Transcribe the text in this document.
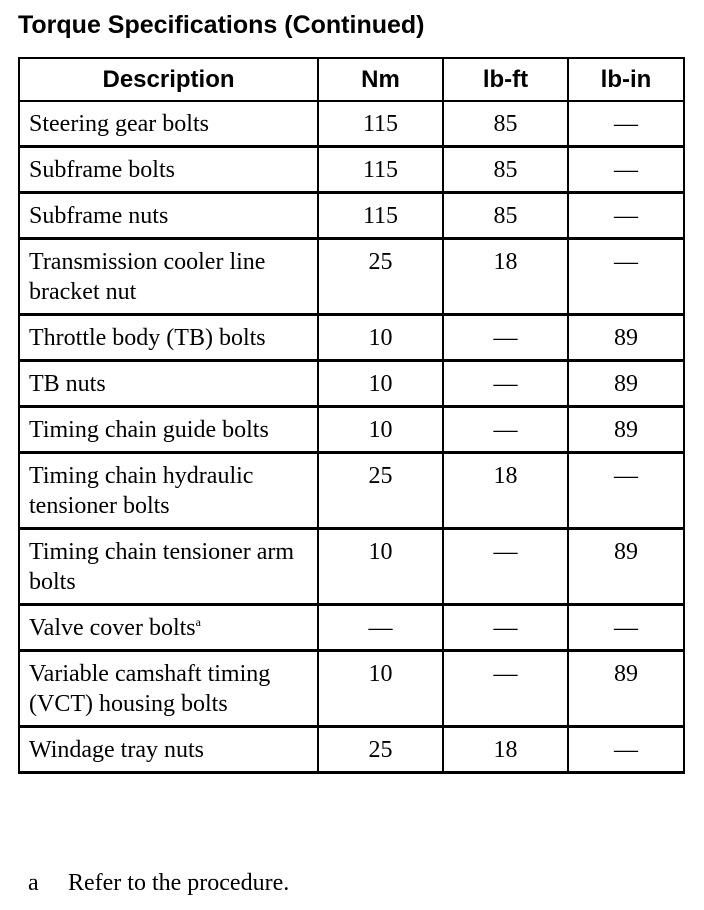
Torque Specifications (Continued)
Description	Nm	lb-ft	lb-in
Steering gear bolts	115	85	—
Subframe bolts	115	85	—
Subframe nuts	115	85	—
Transmission cooler line bracket nut	25	18	—
Throttle body (TB) bolts	10	—	89
TB nuts	10	—	89
Timing chain guide bolts	10	—	89
Timing chain hydraulic tensioner bolts	25	18	—
Timing chain tensioner arm bolts	10	—	89
Valve cover bolts$^a$	—	—	—
Variable camshaft timing (VCT) housing bolts	10	—	89
Windage tray nuts	25	18	—
a Refer to the procedure.
